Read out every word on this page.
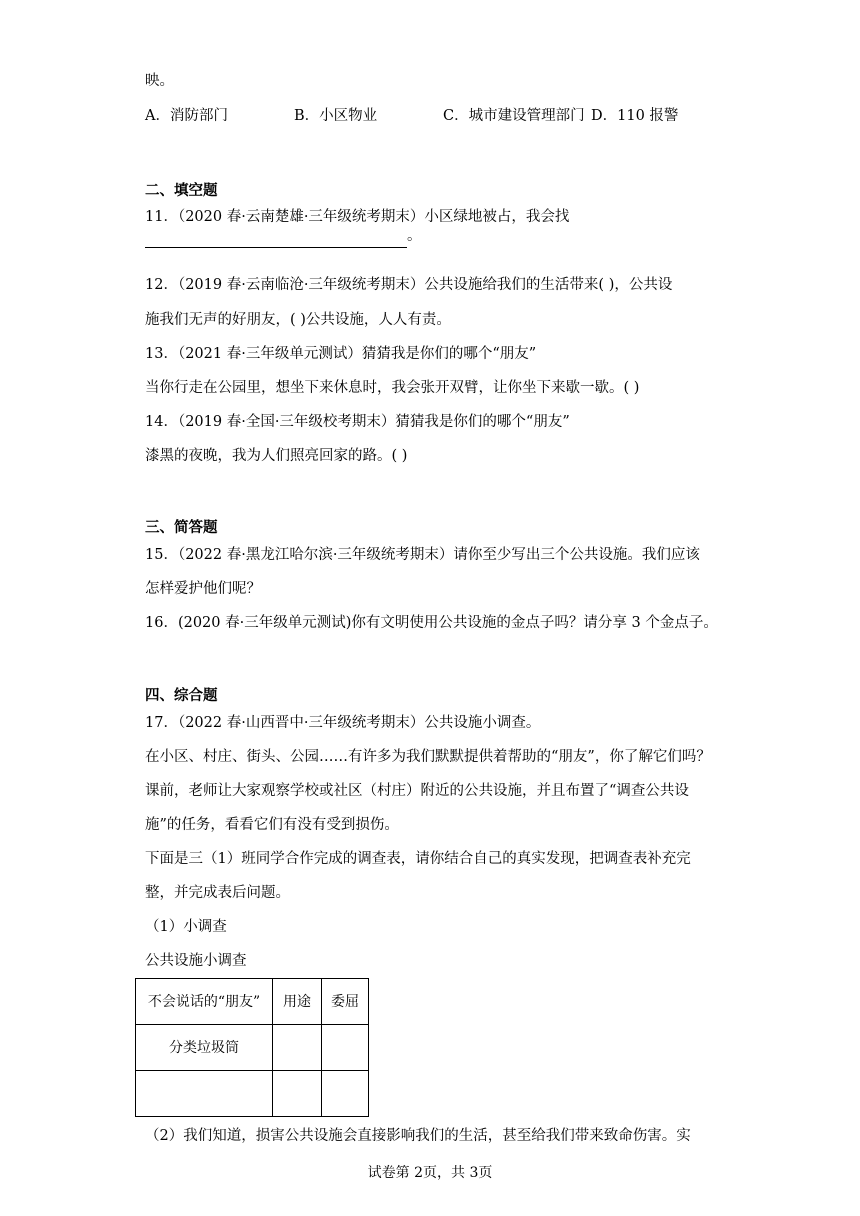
映。
A．消防部门	B．小区物业	C．城市建设管理部门 D．110 报警
二、填空题
11．（2020 春·云南楚雄·三年级统考期末）小区绿地被占，我会找
。
12．（2019 春·云南临沧·三年级统考期末）公共设施给我们的生活带来( )，公共设
施我们无声的好朋友，( )公共设施，人人有责。
13．（2021 春·三年级单元测试）猜猜我是你们的哪个“朋友”
当你行走在公园里，想坐下来休息时，我会张开双臂，让你坐下来歇一歇。( )
14．（2019 春·全国·三年级校考期末）猜猜我是你们的哪个“朋友”
漆黑的夜晚，我为人们照亮回家的路。( )
三、简答题
15．（2022 春·黑龙江哈尔滨·三年级统考期末）请你至少写出三个公共设施。我们应该
怎样爱护他们呢？
16．(2020 春·三年级单元测试)你有文明使用公共设施的金点子吗？请分享 3 个金点子。
四、综合题
17．（2022 春·山西晋中·三年级统考期末）公共设施小调查。
在小区、村庄、街头、公园……有许多为我们默默提供着帮助的“朋友”，你了解它们吗？
课前，老师让大家观察学校或社区（村庄）附近的公共设施，并且布置了“调查公共设
施”的任务，看看它们有没有受到损伤。
下面是三（1）班同学合作完成的调查表，请你结合自己的真实发现，把调查表补充完
整，并完成表后问题。
（1）小调查
公共设施小调查
不会说话的“朋友”	用途	委屈
分类垃圾筒		

（2）我们知道，损害公共设施会直接影响我们的生活，甚至给我们带来致命伤害。实
试卷第 2页，共 3页
